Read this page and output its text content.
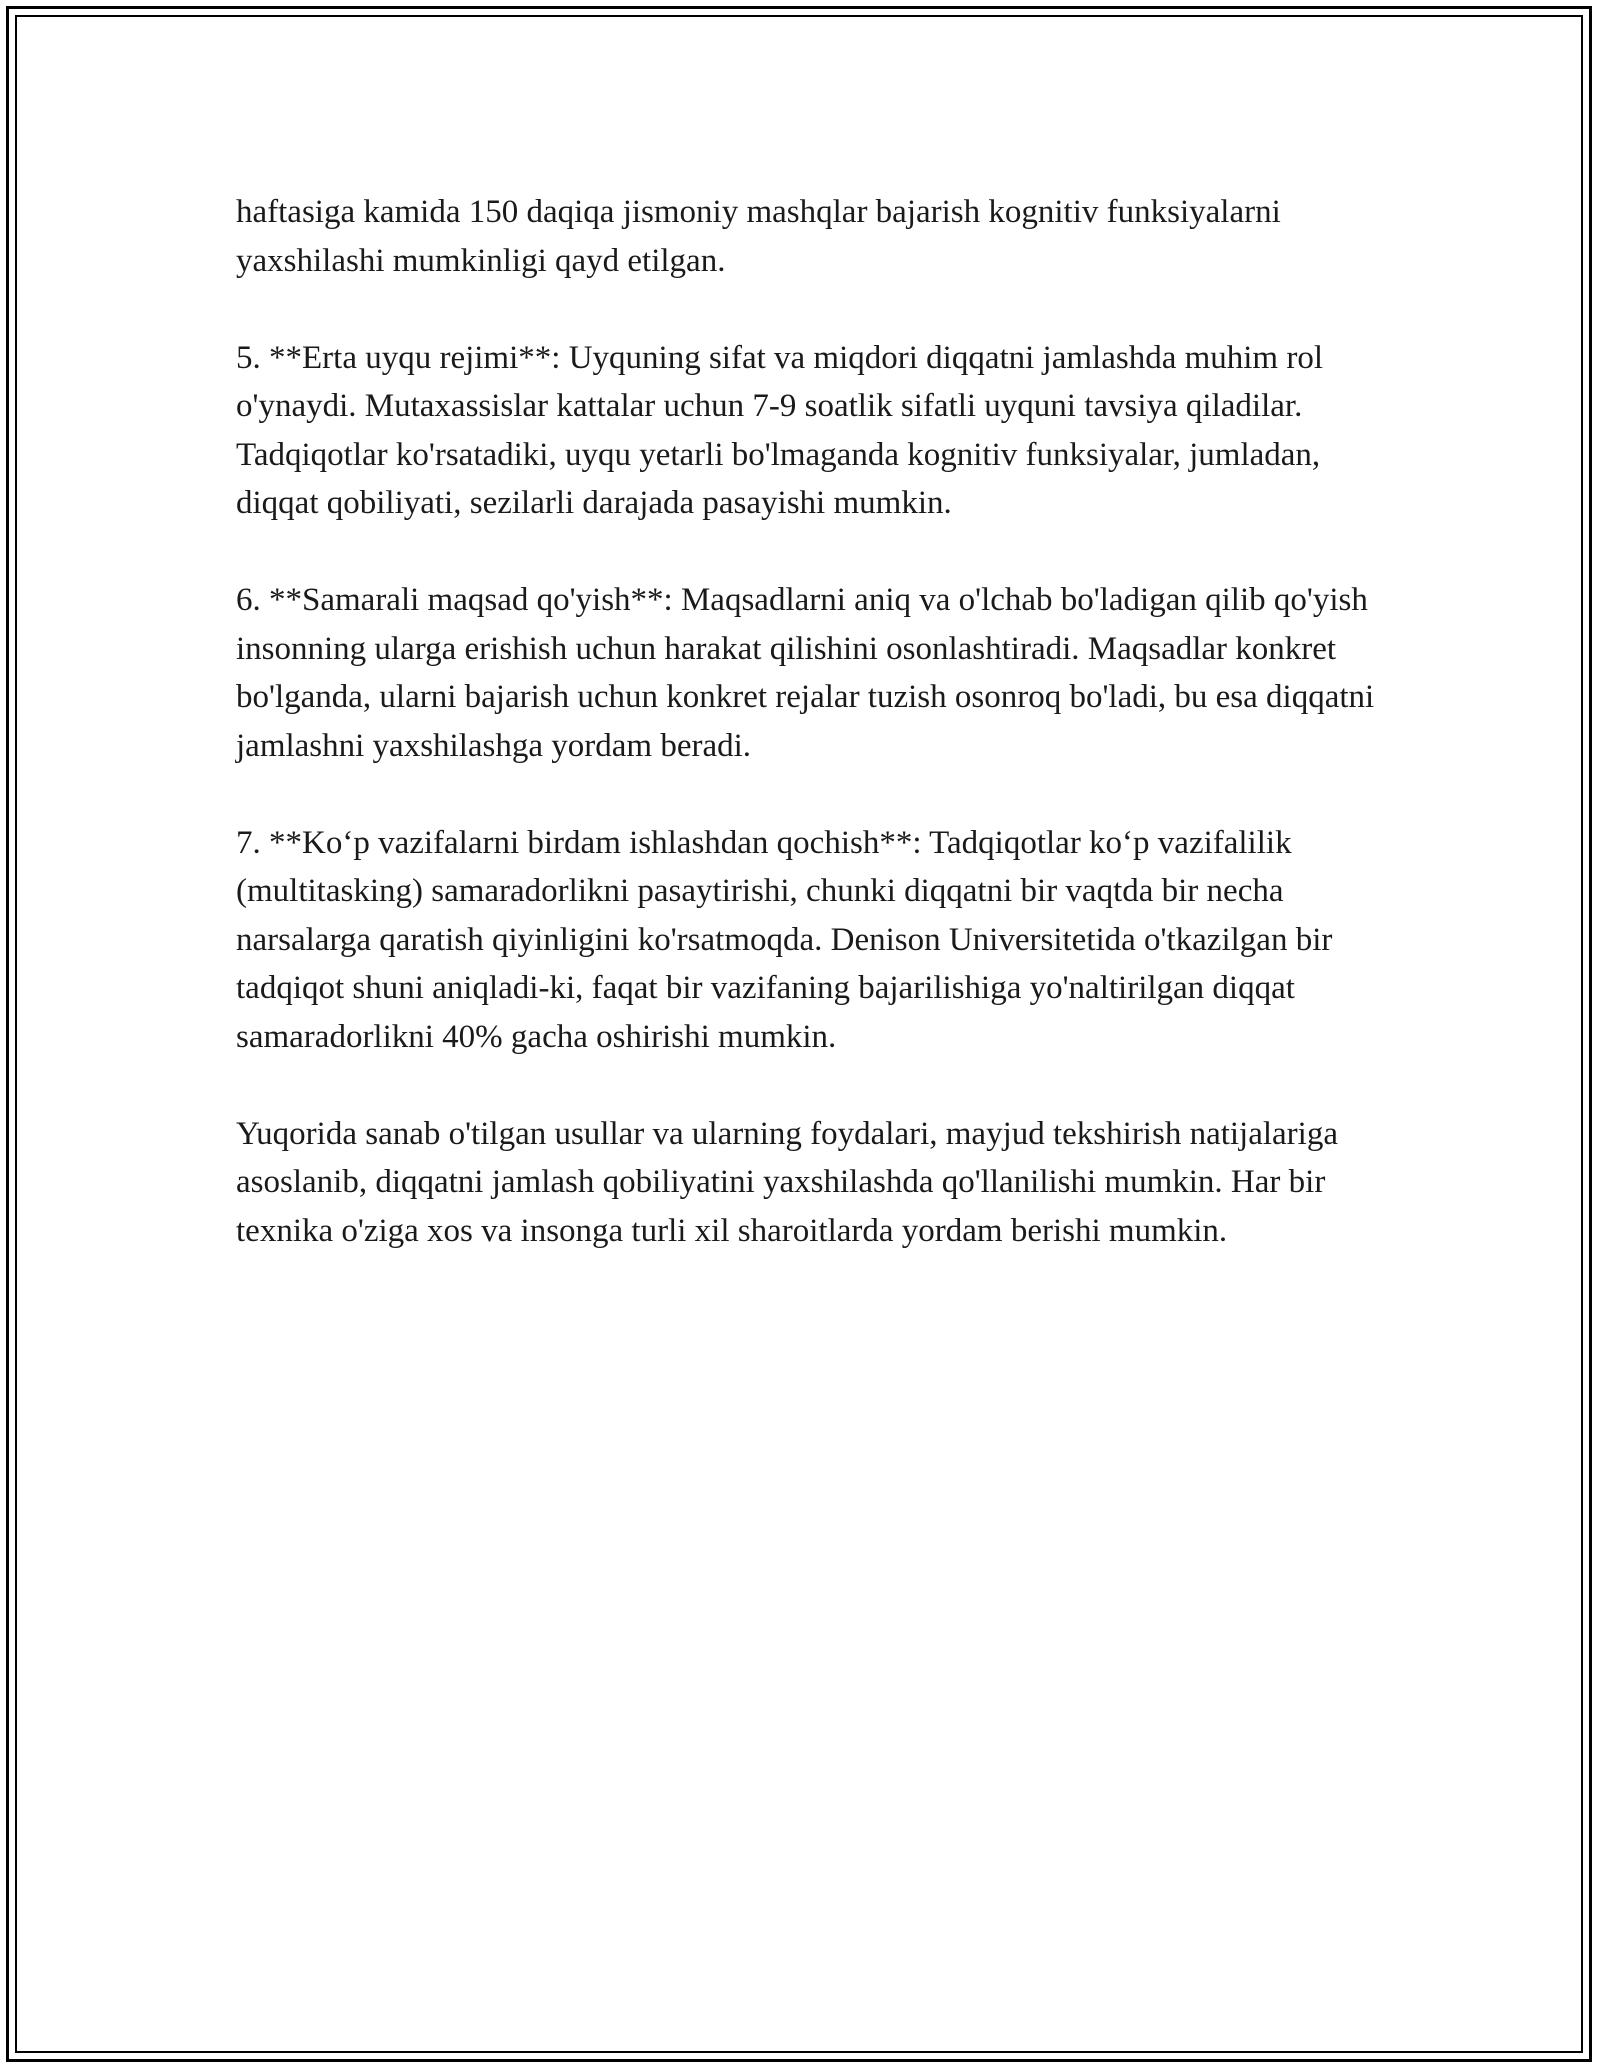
haftasiga kamida 150 daqiqa jismoniy mashqlar bajarish kognitiv funksiyalarni yaxshilashi mumkinligi qayd etilgan.

5. **Erta uyqu rejimi**: Uyquning sifat va miqdori diqqatni jamlashda muhim rol o'ynaydi. Mutaxassislar kattalar uchun 7-9 soatlik sifatli uyquni tavsiya qiladilar. Tadqiqotlar ko'rsatadiki, uyqu yetarli bo'lmaganda kognitiv funksiyalar, jumladan, diqqat qobiliyati, sezilarli darajada pasayishi mumkin.

6. **Samarali maqsad qo'yish**: Maqsadlarni aniq va o'lchab bo'ladigan qilib qo'yish insonning ularga erishish uchun harakat qilishini osonlashtiradi. Maqsadlar konkret bo'lganda, ularni bajarish uchun konkret rejalar tuzish osonroq bo'ladi, bu esa diqqatni jamlashni yaxshilashga yordam beradi.

7. **Ko‘p vazifalarni birdam ishlashdan qochish**: Tadqiqotlar ko‘p vazifalilik (multitasking) samaradorlikni pasaytirishi, chunki diqqatni bir vaqtda bir necha narsalarga qaratish qiyinligini ko'rsatmoqda. Denison Universitetida o'tkazilgan bir tadqiqot shuni aniqladi-ki, faqat bir vazifaning bajarilishiga yo'naltirilgan diqqat samaradorlikni 40% gacha oshirishi mumkin.

Yuqorida sanab o'tilgan usullar va ularning foydalari, mayjud tekshirish natijalariga asoslanib, diqqatni jamlash qobiliyatini yaxshilashda qo'llanilishi mumkin. Har bir texnika o'ziga xos va insonga turli xil sharoitlarda yordam berishi mumkin.
